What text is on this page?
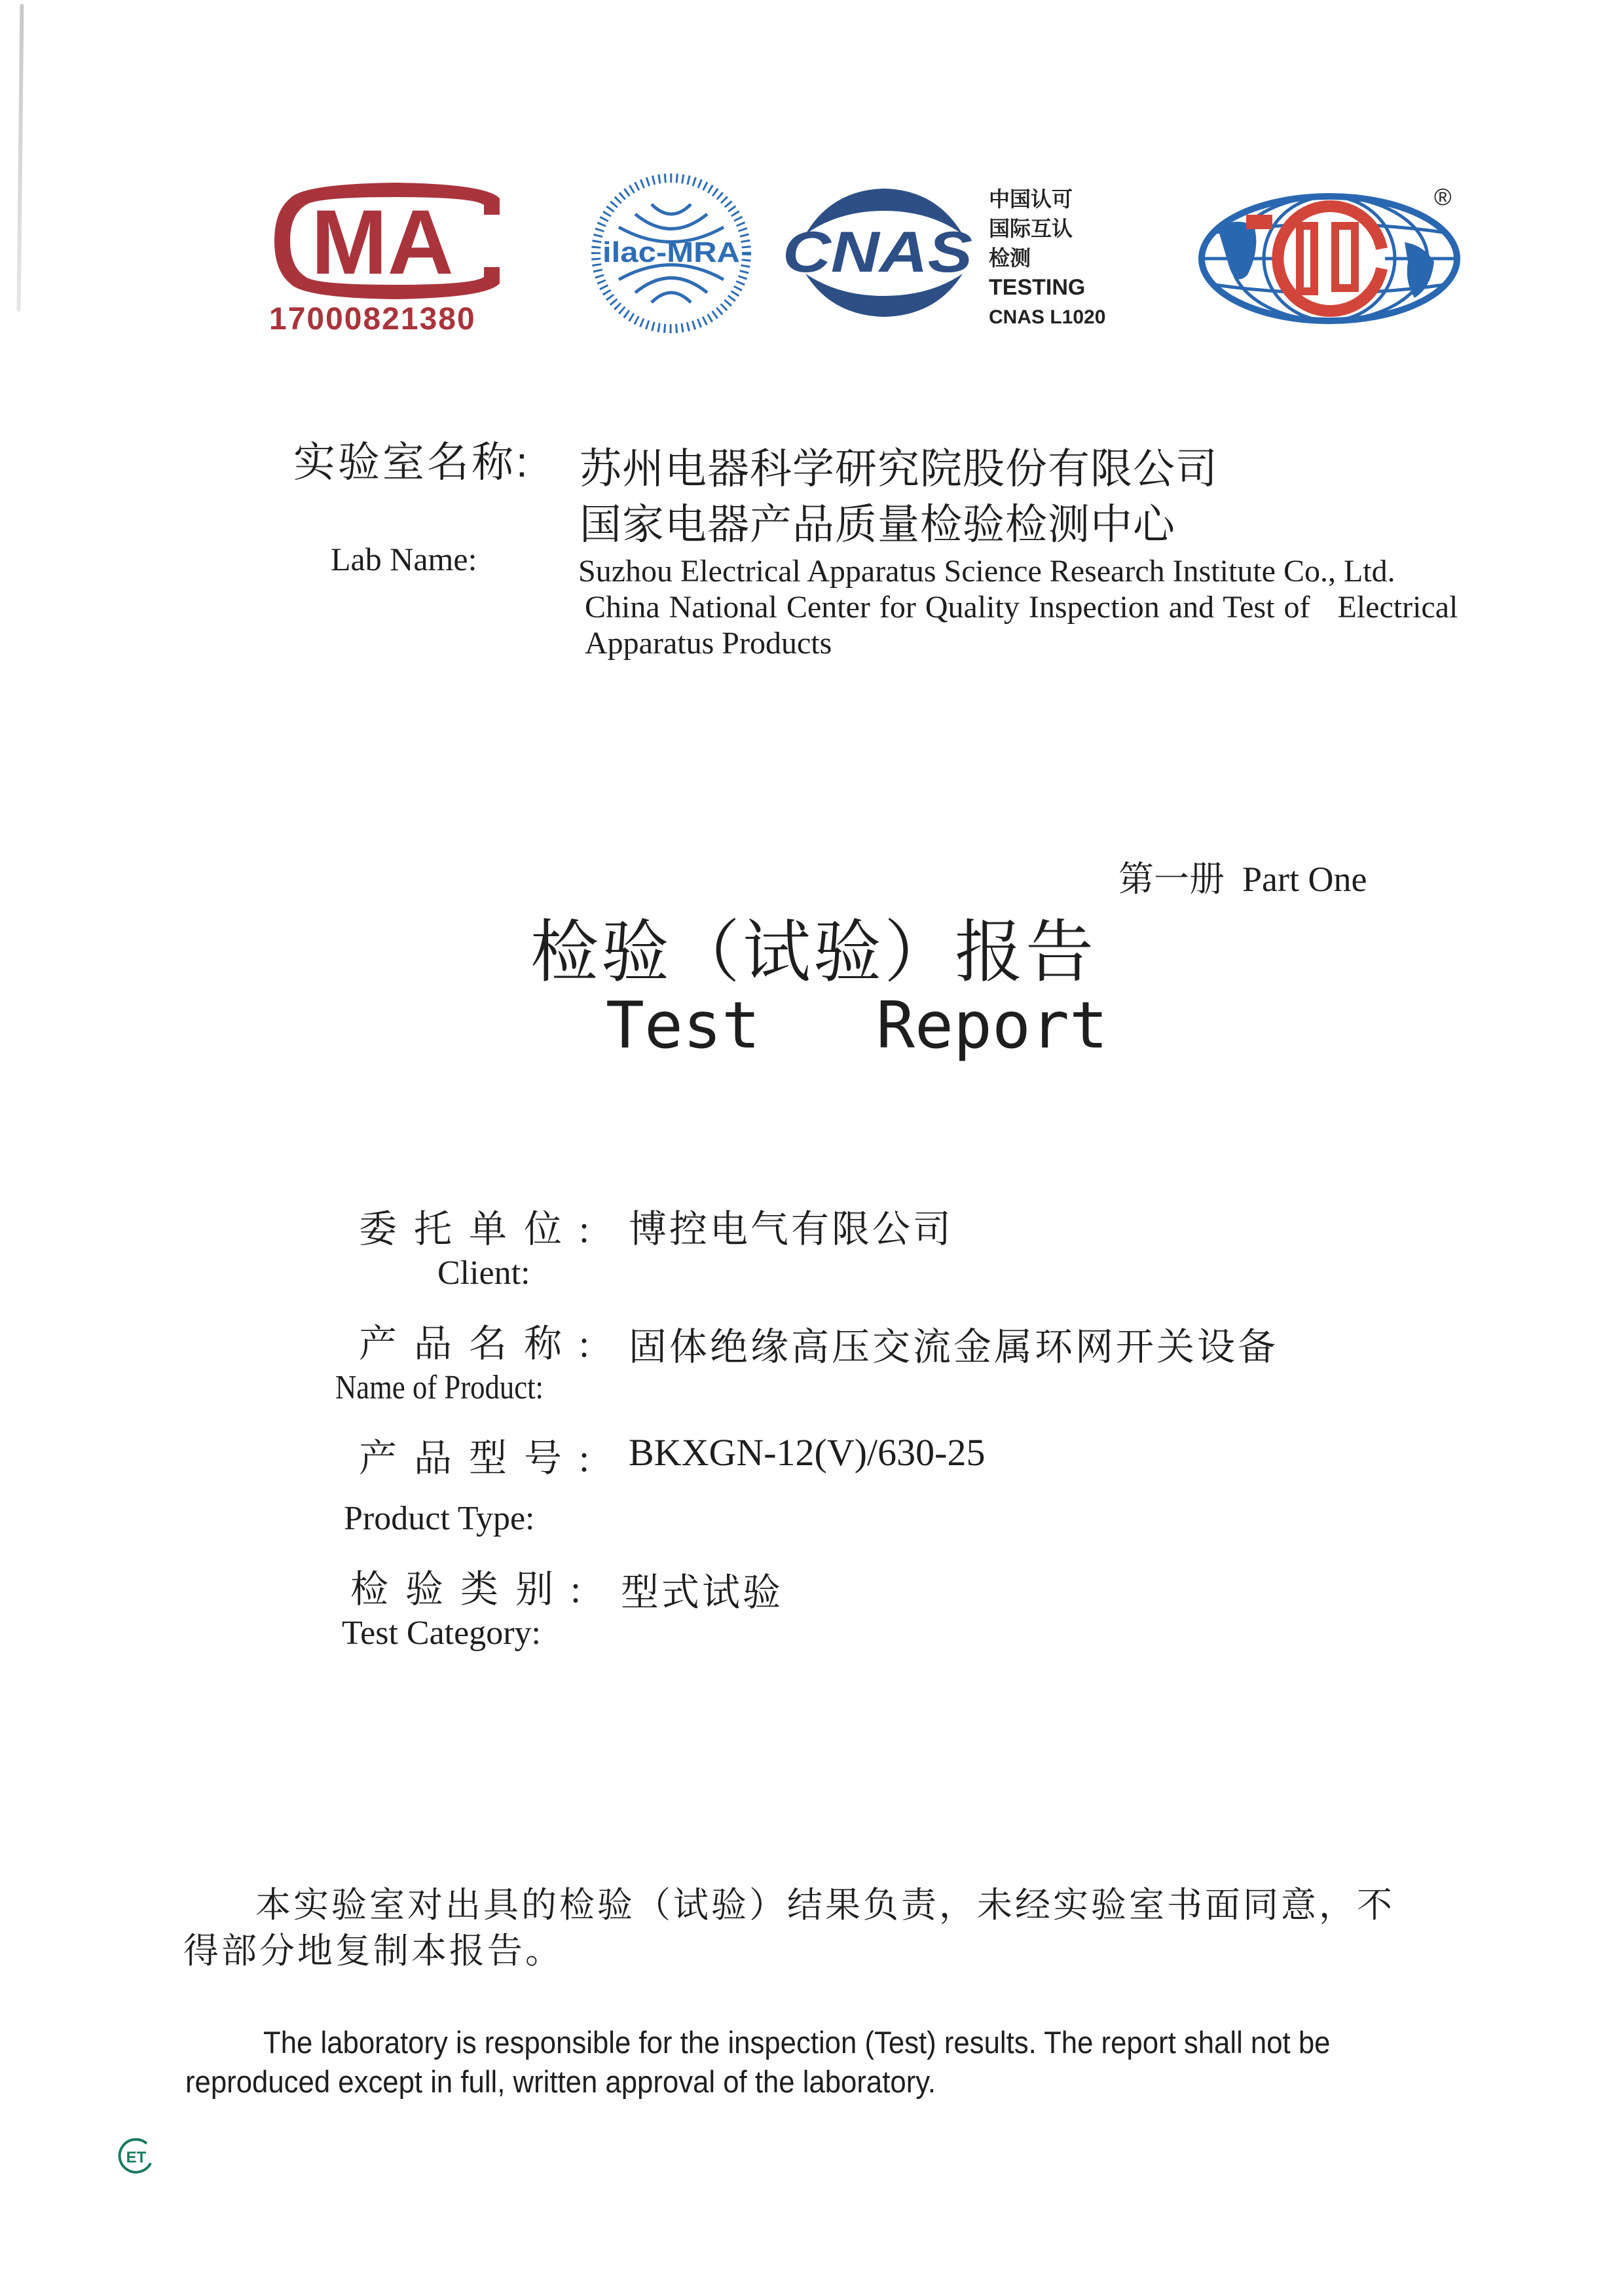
MA
17000821380
ilac-MRA CNAS
中国认可
国际互认
检测
TESTING
CNAS L1020
®
实验室名称: 苏州电器科学研究院股份有限公司
国家电器产品质量检验检测中心
Lab Name:	Suzhou Electrical Apparatus Science Research Institute Co., Ltd.
China National Center for Quality Inspection and Test of   Electrical
Apparatus Products
第一册  Part One
检验（试验）报告
Test   Report
委托单位: 博控电气有限公司
Client:
产品名称: 固体绝缘高压交流金属环网开关设备
Name of Product:
产品型号: BKXGN-12(V)/630-25
Product Type:
检验类别: 型式试验
Test Category:
本实验室对出具的检验（试验）结果负责，未经实验室书面同意，不得部分地复制本报告。
The laboratory is responsible for the inspection (Test) results. The report shall not be reproduced except in full, written approval of the laboratory.
ET
